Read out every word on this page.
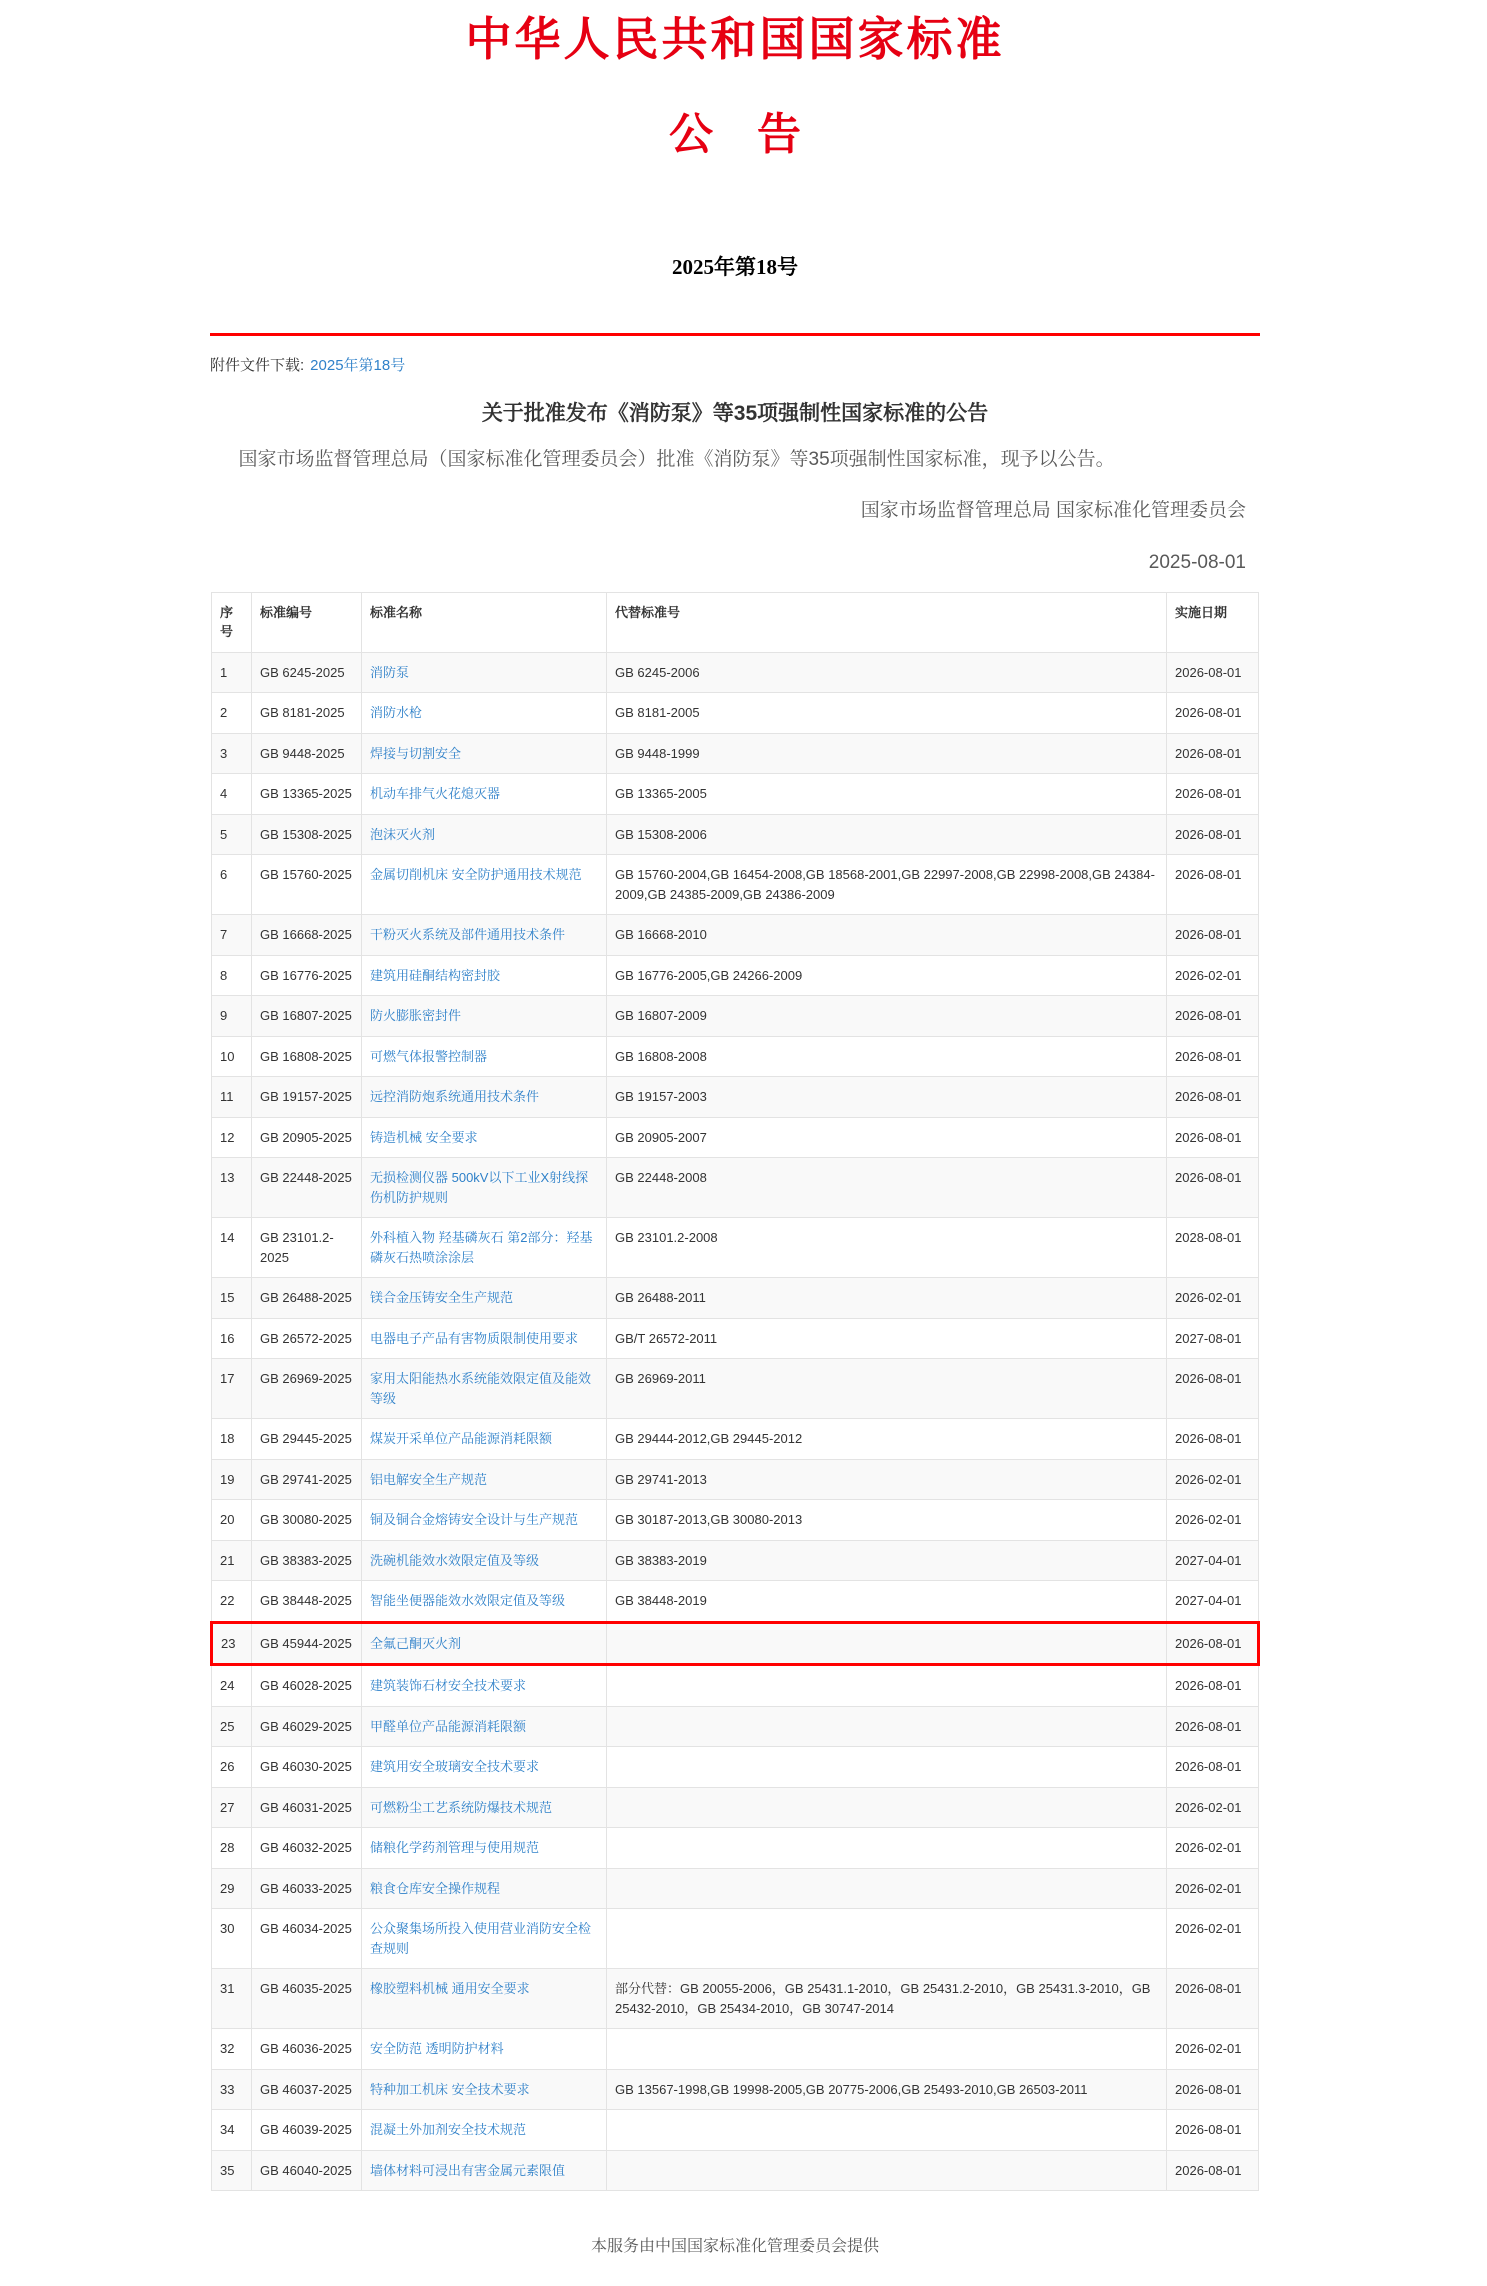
中华人民共和国国家标准
公    告
2025年第18号
附件文件下载: 2025年第18号
关于批准发布《消防泵》等35项强制性国家标准的公告
国家市场监督管理总局（国家标准化管理委员会）批准《消防泵》等35项强制性国家标准，现予以公告。
国家市场监督管理总局 国家标准化管理委员会
2025-08-01
序号	标准编号	标准名称	代替标准号	实施日期
1	GB 6245-2025	消防泵	GB 6245-2006	2026-08-01
2	GB 8181-2025	消防水枪	GB 8181-2005	2026-08-01
3	GB 9448-2025	焊接与切割安全	GB 9448-1999	2026-08-01
4	GB 13365-2025	机动车排气火花熄灭器	GB 13365-2005	2026-08-01
5	GB 15308-2025	泡沫灭火剂	GB 15308-2006	2026-08-01
6	GB 15760-2025	金属切削机床 安全防护通用技术规范	GB 15760-2004,GB 16454-2008,GB 18568-2001,GB 22997-2008,GB 22998-2008,GB 24384-2009,GB 24385-2009,GB 24386-2009	2026-08-01
7	GB 16668-2025	干粉灭火系统及部件通用技术条件	GB 16668-2010	2026-08-01
8	GB 16776-2025	建筑用硅酮结构密封胶	GB 16776-2005,GB 24266-2009	2026-02-01
9	GB 16807-2025	防火膨胀密封件	GB 16807-2009	2026-08-01
10	GB 16808-2025	可燃气体报警控制器	GB 16808-2008	2026-08-01
11	GB 19157-2025	远控消防炮系统通用技术条件	GB 19157-2003	2026-08-01
12	GB 20905-2025	铸造机械 安全要求	GB 20905-2007	2026-08-01
13	GB 22448-2025	无损检测仪器 500kV以下工业X射线探伤机防护规则	GB 22448-2008	2026-08-01
14	GB 23101.2-2025	外科植入物 羟基磷灰石 第2部分：羟基磷灰石热喷涂涂层	GB 23101.2-2008	2028-08-01
15	GB 26488-2025	镁合金压铸安全生产规范	GB 26488-2011	2026-02-01
16	GB 26572-2025	电器电子产品有害物质限制使用要求	GB/T 26572-2011	2027-08-01
17	GB 26969-2025	家用太阳能热水系统能效限定值及能效等级	GB 26969-2011	2026-08-01
18	GB 29445-2025	煤炭开采单位产品能源消耗限额	GB 29444-2012,GB 29445-2012	2026-08-01
19	GB 29741-2025	铝电解安全生产规范	GB 29741-2013	2026-02-01
20	GB 30080-2025	铜及铜合金熔铸安全设计与生产规范	GB 30187-2013,GB 30080-2013	2026-02-01
21	GB 38383-2025	洗碗机能效水效限定值及等级	GB 38383-2019	2027-04-01
22	GB 38448-2025	智能坐便器能效水效限定值及等级	GB 38448-2019	2027-04-01
23	GB 45944-2025	全氟己酮灭火剂		2026-08-01
24	GB 46028-2025	建筑装饰石材安全技术要求		2026-08-01
25	GB 46029-2025	甲醛单位产品能源消耗限额		2026-08-01
26	GB 46030-2025	建筑用安全玻璃安全技术要求		2026-08-01
27	GB 46031-2025	可燃粉尘工艺系统防爆技术规范		2026-02-01
28	GB 46032-2025	储粮化学药剂管理与使用规范		2026-02-01
29	GB 46033-2025	粮食仓库安全操作规程		2026-02-01
30	GB 46034-2025	公众聚集场所投入使用营业消防安全检查规则		2026-02-01
31	GB 46035-2025	橡胶塑料机械 通用安全要求	部分代替：GB 20055-2006，GB 25431.1-2010，GB 25431.2-2010，GB 25431.3-2010，GB 25432-2010，GB 25434-2010，GB 30747-2014	2026-08-01
32	GB 46036-2025	安全防范 透明防护材料		2026-02-01
33	GB 46037-2025	特种加工机床 安全技术要求	GB 13567-1998,GB 19998-2005,GB 20775-2006,GB 25493-2010,GB 26503-2011	2026-08-01
34	GB 46039-2025	混凝土外加剂安全技术规范		2026-08-01
35	GB 46040-2025	墙体材料可浸出有害金属元素限值		2026-08-01
本服务由中国国家标准化管理委员会提供
